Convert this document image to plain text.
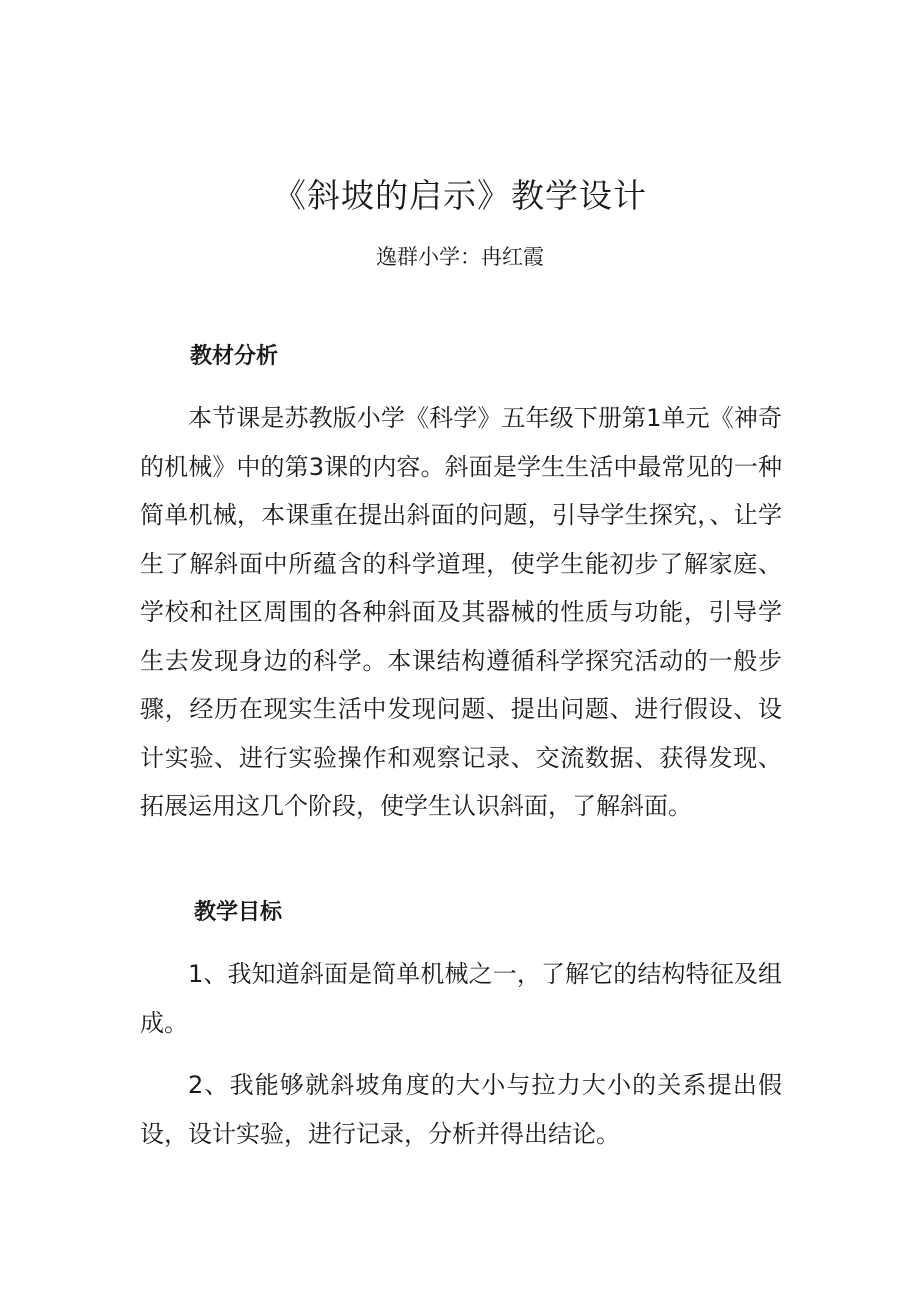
《斜坡的启示》教学设计
逸群小学：冉红霞
教材分析

本节课是苏教版小学《科学》五年级下册第1单元《神奇的机械》中的第3课的内容。斜面是学生生活中最常见的一种简单机械，本课重在提出斜面的问题，引导学生探究，、让学生了解斜面中所蕴含的科学道理，使学生能初步了解家庭、学校和社区周围的各种斜面及其器械的性质与功能，引导学生去发现身边的科学。本课结构遵循科学探究活动的一般步骤，经历在现实生活中发现问题、提出问题、进行假设、设计实验、进行实验操作和观察记录、交流数据、获得发现、拓展运用这几个阶段，使学生认识斜面，了解斜面。

教学目标

1、我知道斜面是简单机械之一，了解它的结构特征及组成。

2、我能够就斜坡角度的大小与拉力大小的关系提出假设，设计实验，进行记录，分析并得出结论。
